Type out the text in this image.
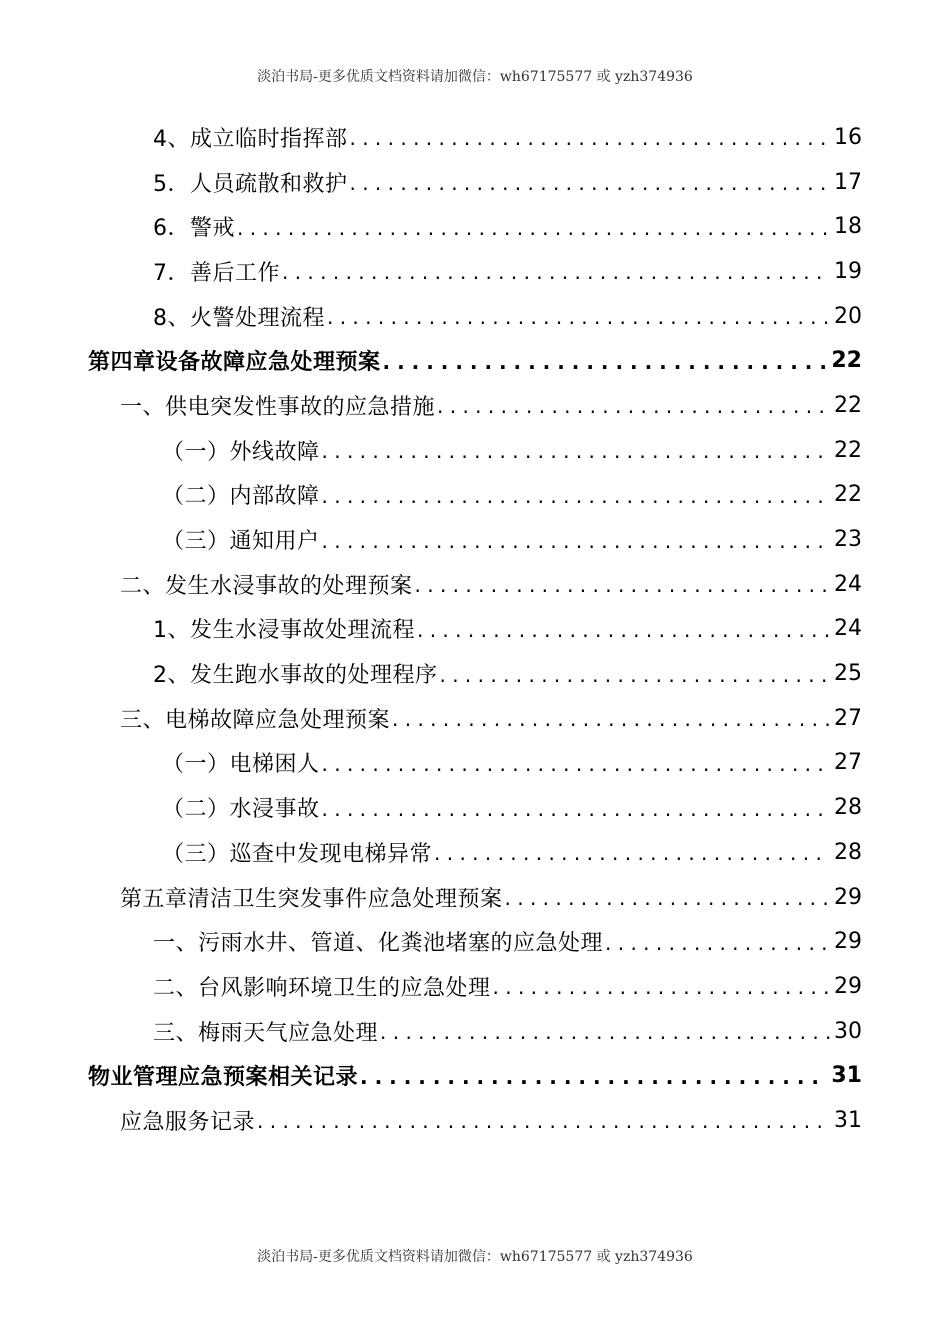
淡泊书局-更多优质文档资料请加微信：wh67175577 或 yzh374936
4、成立临时指挥部 . . .	16
5．人员疏散和救护 . . .	17
6．警戒 . . .	18
7．善后工作 . . .	19
8、火警处理流程 . . .	20
第四章设备故障应急处理预案 . . .	22
一、供电突发性事故的应急措施 . . .	22
（一）外线故障 . . .	22
（二）内部故障 . . .	22
（三）通知用户 . . .	23
二、发生水浸事故的处理预案 . . .	24
1、发生水浸事故处理流程 . . .	24
2、发生跑水事故的处理程序 . . .	25
三、电梯故障应急处理预案 . . .	27
（一）电梯困人 . . .	27
（二）水浸事故 . . .	28
（三）巡查中发现电梯异常 . . .	28
第五章清洁卫生突发事件应急处理预案 . . .	29
一、污雨水井、管道、化粪池堵塞的应急处理 . . .	29
二、台风影响环境卫生的应急处理 . . .	29
三、梅雨天气应急处理 . . .	30
物业管理应急预案相关记录 . . .	31
应急服务记录 . . .	31
淡泊书局-更多优质文档资料请加微信：wh67175577 或 yzh374936
